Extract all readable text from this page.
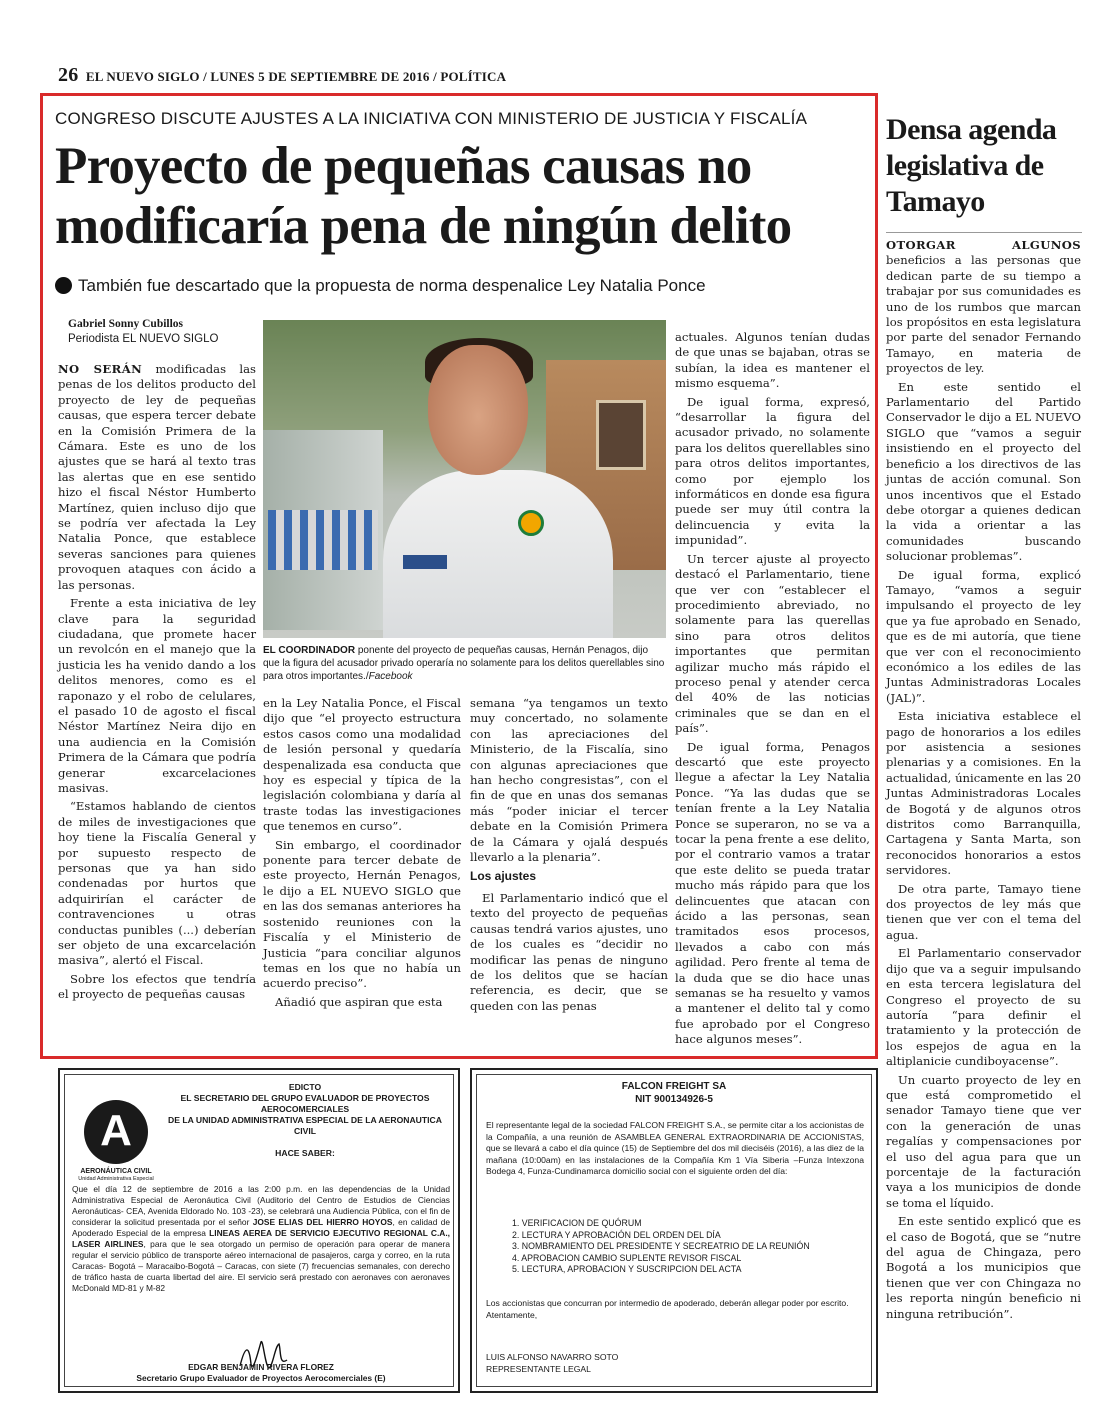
26 EL NUEVO SIGLO / LUNES 5 DE SEPTIEMBRE DE 2016 / POLÍTICA
CONGRESO DISCUTE AJUSTES A LA INICIATIVA CON MINISTERIO DE JUSTICIA Y FISCALÍA
Proyecto de pequeñas causas no
modificaría pena de ningún delito
También fue descartado que la propuesta de norma despenalice Ley Natalia Ponce
Gabriel Sonny Cubillos
Periodista EL NUEVO SIGLO

NO SERÁN modificadas las penas de los delitos producto del proyecto de ley de pequeñas causas, que espera tercer debate en la Comisión Primera de la Cámara. Este es uno de los ajustes que se hará al texto tras las alertas que en ese sentido hizo el fiscal Néstor Humberto Martínez, quien incluso dijo que se podría ver afectada la Ley Natalia Ponce, que establece severas sanciones para quienes provoquen ataques con ácido a las personas.

Frente a esta iniciativa de ley clave para la seguridad ciudadana, que promete hacer un revolcón en el manejo que la justicia les ha venido dando a los delitos menores, como es el raponazo y el robo de celulares, el pasado 10 de agosto el fiscal Néstor Martínez Neira dijo en una audiencia en la Comisión Primera de la Cámara que podría generar excarcelaciones masivas.

“Estamos hablando de cientos de miles de investigaciones que hoy tiene la Fiscalía General y por supuesto respecto de personas que ya han sido condenadas por hurtos que adquirirían el carácter de contravenciones u otras conductas punibles (...) deberían ser objeto de una excarcelación masiva”, alertó el Fiscal.

Sobre los efectos que tendría el proyecto de pequeñas causas

EL COORDINADOR ponente del proyecto de pequeñas causas, Hernán Penagos, dijo que la figura del acusador privado operaría no solamente para los delitos querellables sino para otros importantes./Facebook

en la Ley Natalia Ponce, el Fiscal dijo que “el proyecto estructura estos casos como una modalidad de lesión personal y quedaría despenalizada esa conducta que hoy es especial y típica de la legislación colombiana y daría al traste todas las investigaciones que tenemos en curso”.

Sin embargo, el coordinador ponente para tercer debate de este proyecto, Hernán Penagos, le dijo a EL NUEVO SIGLO que en las dos semanas anteriores ha sostenido reuniones con la Fiscalía y el Ministerio de Justicia “para conciliar algunos temas en los que no había un acuerdo preciso”.

Añadió que aspiran que esta

semana “ya tengamos un texto muy concertado, no solamente con las apreciaciones del Ministerio, de la Fiscalía, sino con algunas apreciaciones que han hecho congresistas”, con el fin de que en unas dos semanas más “poder iniciar el tercer debate en la Comisión Primera de la Cámara y ojalá después llevarlo a la plenaria”.

Los ajustes

El Parlamentario indicó que el texto del proyecto de pequeñas causas tendrá varios ajustes, uno de los cuales es “decidir no modificar las penas de ninguno de los delitos que se hacían referencia, es decir, que se queden con las penas

actuales. Algunos tenían dudas de que unas se bajaban, otras se subían, la idea es mantener el mismo esquema”.

De igual forma, expresó, “desarrollar la figura del acusador privado, no solamente para los delitos querellables sino para otros delitos importantes, como por ejemplo los informáticos en donde esa figura puede ser muy útil contra la delincuencia y evita la impunidad”.

Un tercer ajuste al proyecto destacó el Parlamentario, tiene que ver con “establecer el procedimiento abreviado, no solamente para las querellas sino para otros delitos importantes que permitan agilizar mucho más rápido el proceso penal y atender cerca del 40% de las noticias criminales que se dan en el país”.

De igual forma, Penagos descartó que este proyecto llegue a afectar la Ley Natalia Ponce. “Ya las dudas que se tenían frente a la Ley Natalia Ponce se superaron, no se va a tocar la pena frente a ese delito, por el contrario vamos a tratar que este delito se pueda tratar mucho más rápido para que los delincuentes que atacan con ácido a las personas, sean tramitados esos procesos, llevados a cabo con más agilidad. Pero frente al tema de la duda que se dio hace unas semanas se ha resuelto y vamos a mantener el delito tal y como fue aprobado por el Congreso hace algunos meses”.

Densa agenda legislativa de Tamayo

OTORGAR ALGUNOS beneficios a las personas que dedican parte de su tiempo a trabajar por sus comunidades es uno de los rumbos que marcan los propósitos en esta legislatura por parte del senador Fernando Tamayo, en materia de proyectos de ley.

En este sentido el Parlamentario del Partido Conservador le dijo a EL NUEVO SIGLO que “vamos a seguir insistiendo en el proyecto del beneficio a los directivos de las juntas de acción comunal. Son unos incentivos que el Estado debe otorgar a quienes dedican la vida a orientar a las comunidades buscando solucionar problemas”.

De igual forma, explicó Tamayo, “vamos a seguir impulsando el proyecto de ley que ya fue aprobado en Senado, que es de mi autoría, que tiene que ver con el reconocimiento económico a los ediles de las Juntas Administradoras Locales (JAL)”.

Esta iniciativa establece el pago de honorarios a los ediles por asistencia a sesiones plenarias y a comisiones. En la actualidad, únicamente en las 20 Juntas Administradoras Locales de Bogotá y de algunos otros distritos como Barranquilla, Cartagena y Santa Marta, son reconocidos honorarios a estos servidores.

De otra parte, Tamayo tiene dos proyectos de ley más que tienen que ver con el tema del agua.

El Parlamentario conservador dijo que va a seguir impulsando en esta tercera legislatura del Congreso el proyecto de su autoría “para definir el tratamiento y la protección de los espejos de agua en la altiplanicie cundiboyacense”.

Un cuarto proyecto de ley en que está comprometido el senador Tamayo tiene que ver con la generación de unas regalías y compensaciones por el uso del agua para que un porcentaje de la facturación vaya a los municipios de donde se toma el líquido.

En este sentido explicó que es el caso de Bogotá, que se “nutre del agua de Chingaza, pero Bogotá a los municipios que tienen que ver con Chingaza no les reporta ningún beneficio ni ninguna retribución”.

A
AERONÁUTICA CIVIL
Unidad Administrativa Especial
EDICTO
EL SECRETARIO DEL GRUPO EVALUADOR DE PROYECTOS
AEROCOMERCIALES
DE LA UNIDAD ADMINISTRATIVA ESPECIAL DE LA AERONAUTICA
CIVIL
HACE SABER:
Que el día 12 de septiembre de 2016 a las 2:00 p.m. en las dependencias de la Unidad Administrativa Especial de Aeronáutica Civil (Auditorio del Centro de Estudios de Ciencias Aeronáuticas- CEA, Avenida Eldorado No. 103 -23), se celebrará una Audiencia Pública, con el fin de considerar la solicitud presentada por el señor JOSE ELIAS DEL HIERRO HOYOS, en calidad de Apoderado Especial de la empresa LINEAS AEREA DE SERVICIO EJECUTIVO REGIONAL C.A., LASER AIRLINES, para que le sea otorgado un permiso de operación para operar de manera regular el servicio público de transporte aéreo internacional de pasajeros, carga y correo, en la ruta Caracas- Bogotá – Maracaibo-Bogotá – Caracas, con siete (7) frecuencias semanales, con derecho de tráfico hasta de cuarta libertad del aire. El servicio será prestado con aeronaves con aeronaves McDonald MD-81 y M-82
EDGAR BENJAMIN RIVERA FLOREZ
Secretario Grupo Evaluador de Proyectos Aerocomerciales (E)
FALCON FREIGHT SA
NIT 900134926-5
El representante legal de la sociedad FALCON FREIGHT S.A., se permite citar a los accionistas de la Compañía, a una reunión de ASAMBLEA GENERAL EXTRAORDINARIA DE ACCIONISTAS, que se llevará a cabo el día quince (15) de Septiembre del dos mil dieciséis (2016), a las diez de la mañana (10:00am) en las instalaciones de la Compañía Km 1 Vía Siberia –Funza Intexzona Bodega 4, Funza-Cundinamarca domicilio social con el siguiente orden del día:
1. VERIFICACION DE QUÓRUM
2. LECTURA Y APROBACIÓN DEL ORDEN DEL DÍA
3. NOMBRAMIENTO DEL PRESIDENTE Y SECREATRIO DE LA REUNIÓN
4. APROBACION CAMBIO SUPLENTE REVISOR FISCAL
5. LECTURA, APROBACION Y SUSCRIPCION DEL ACTA
Los accionistas que concurran por intermedio de apoderado, deberán allegar poder por escrito.
Atentamente,
LUIS ALFONSO NAVARRO SOTO
REPRESENTANTE LEGAL
